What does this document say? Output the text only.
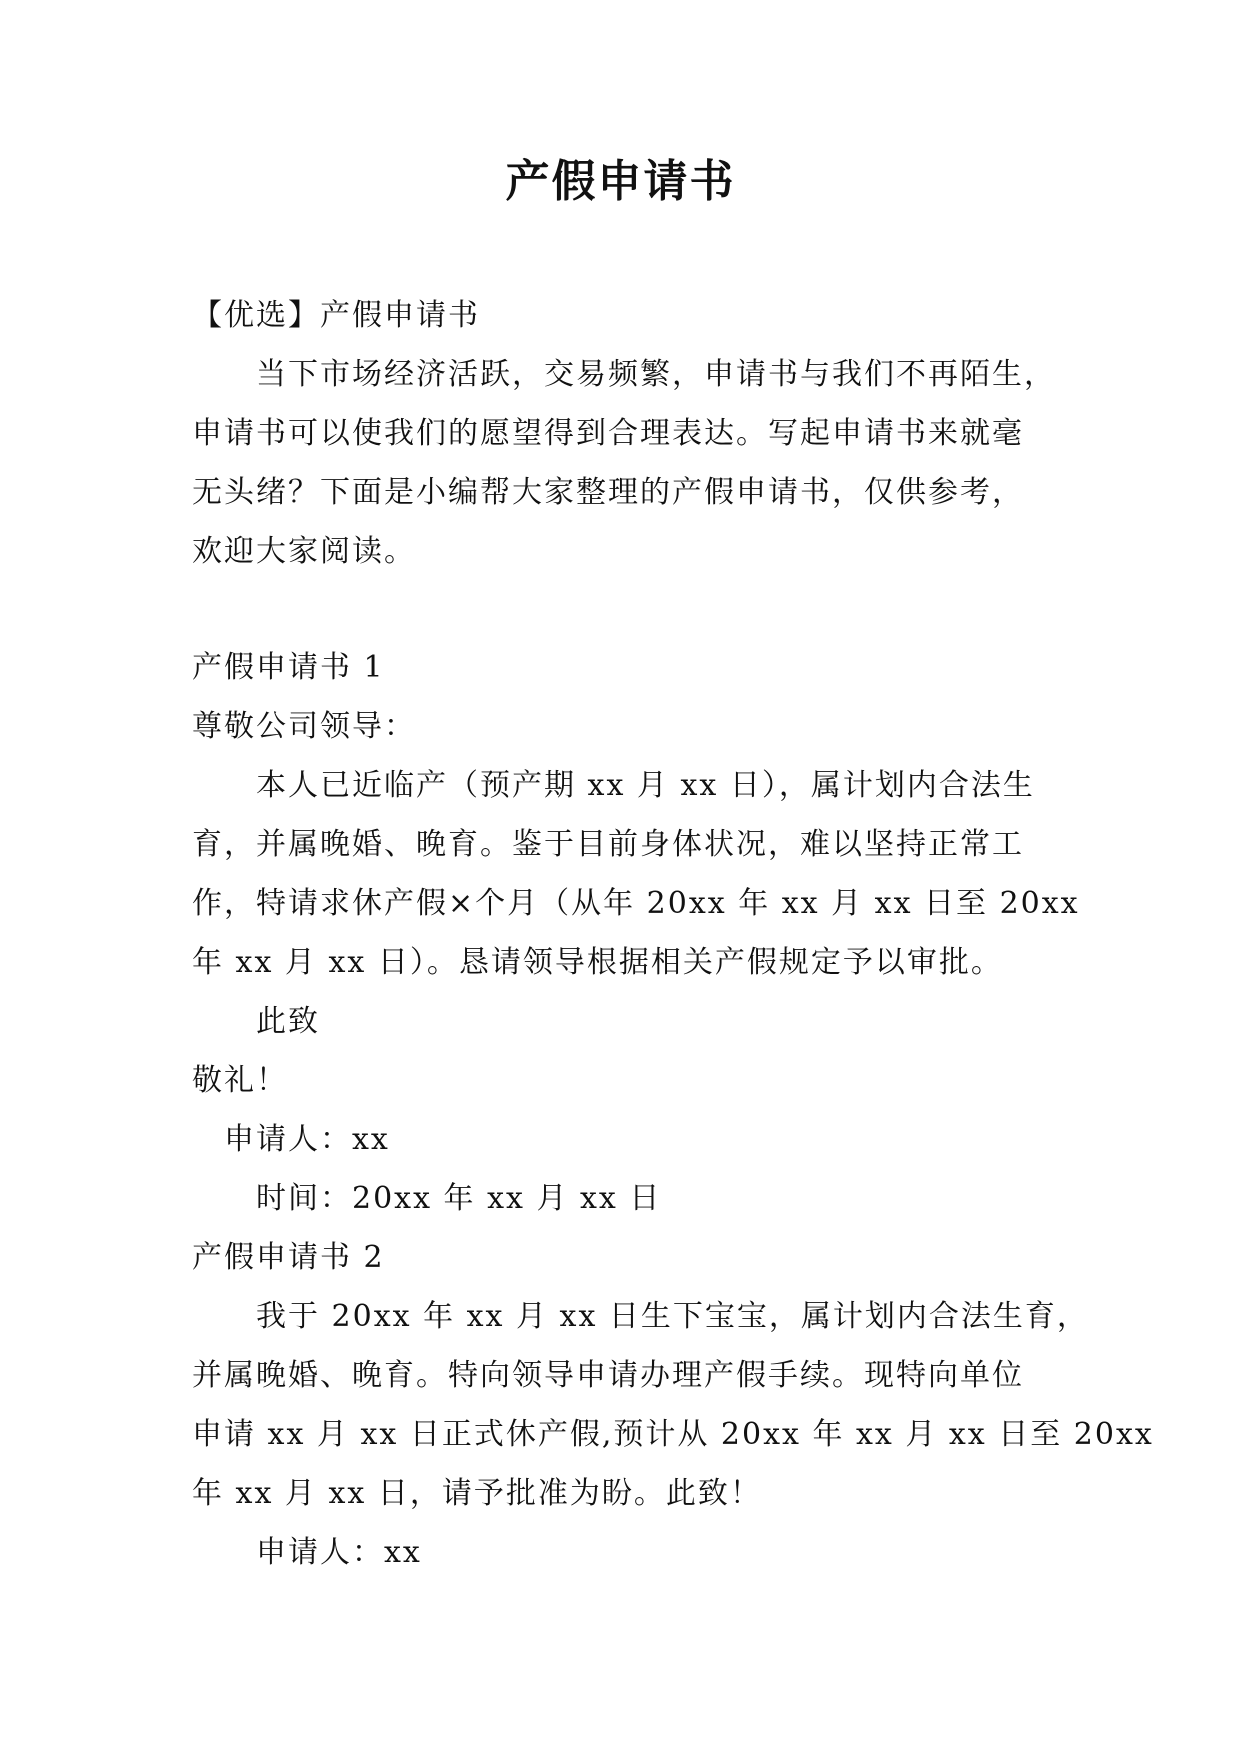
产假申请书
【优选】产假申请书
当下市场经济活跃，交易频繁，申请书与我们不再陌生，
申请书可以使我们的愿望得到合理表达。写起申请书来就毫
无头绪？下面是小编帮大家整理的产假申请书，仅供参考，
欢迎大家阅读。
产假申请书 1
尊敬公司领导：
本人已近临产（预产期 xx 月 xx 日），属计划内合法生
育，并属晚婚、晚育。鉴于目前身体状况，难以坚持正常工
作，特请求休产假×个月（从年 20xx 年 xx 月 xx 日至 20xx
年 xx 月 xx 日）。恳请领导根据相关产假规定予以审批。
此致
敬礼！
申请人：xx
时间：20xx 年 xx 月 xx 日
产假申请书 2
我于 20xx 年 xx 月 xx 日生下宝宝，属计划内合法生育，
并属晚婚、晚育。特向领导申请办理产假手续。现特向单位
申请 xx 月 xx 日正式休产假,预计从 20xx 年 xx 月 xx 日至 20xx
年 xx 月 xx 日，请予批准为盼。此致！
申请人：xx
